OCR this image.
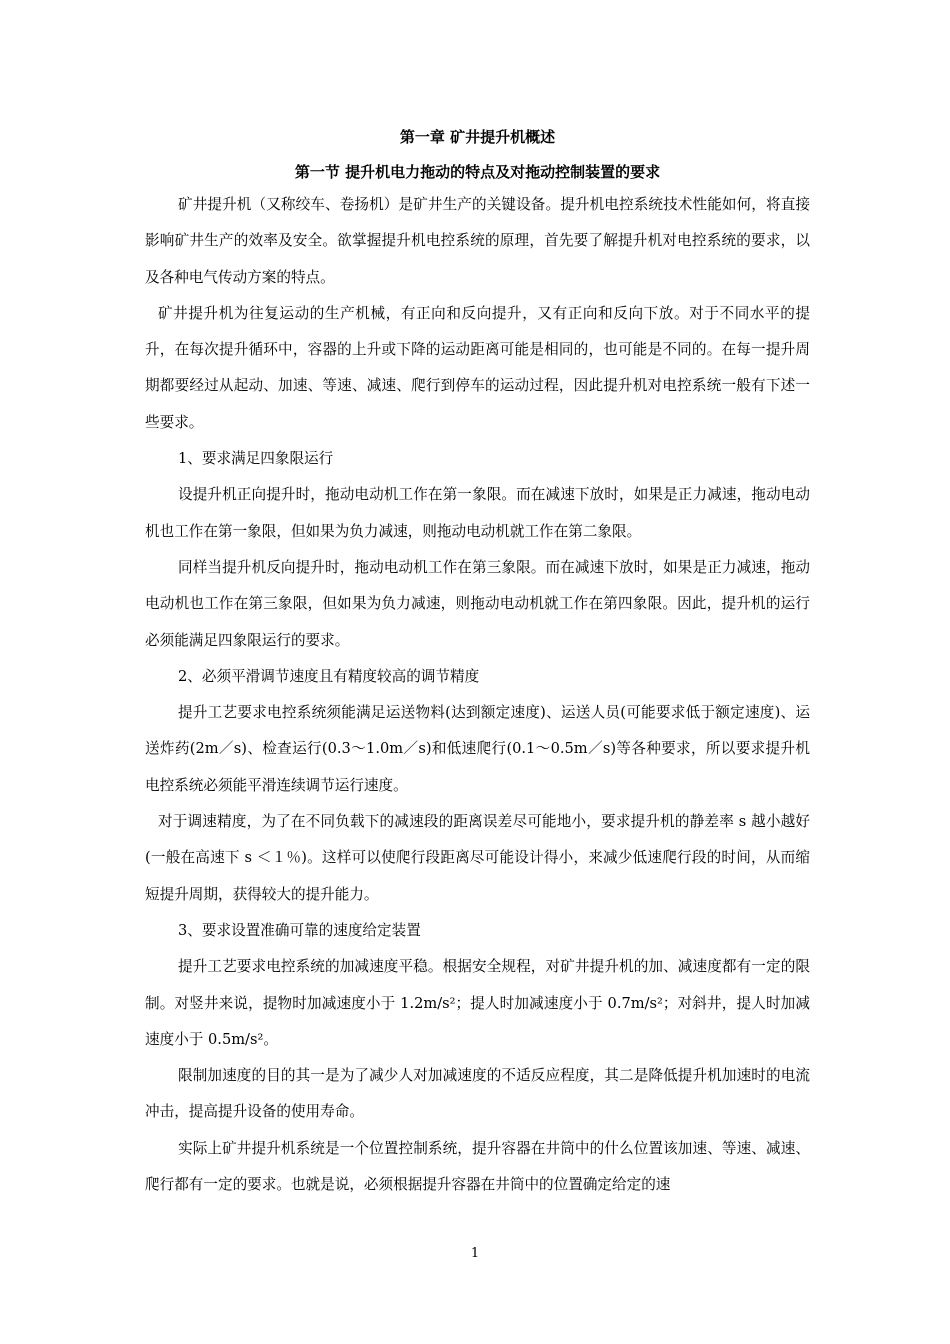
第一章 矿井提升机概述
第一节 提升机电力拖动的特点及对拖动控制装置的要求

矿井提升机（又称绞车、卷扬机）是矿井生产的关键设备。提升机电控系统技术性能如何，将直接影响矿井生产的效率及安全。欲掌握提升机电控系统的原理，首先要了解提升机对电控系统的要求，以及各种电气传动方案的特点。

矿井提升机为往复运动的生产机械，有正向和反向提升，又有正向和反向下放。对于不同水平的提升，在每次提升循环中，容器的上升或下降的运动距离可能是相同的，也可能是不同的。在每一提升周期都要经过从起动、加速、等速、减速、爬行到停车的运动过程，因此提升机对电控系统一般有下述一些要求。

1、要求满足四象限运行

设提升机正向提升时，拖动电动机工作在第一象限。而在减速下放时，如果是正力减速，拖动电动机也工作在第一象限，但如果为负力减速，则拖动电动机就工作在第二象限。

同样当提升机反向提升时，拖动电动机工作在第三象限。而在减速下放时，如果是正力减速，拖动电动机也工作在第三象限，但如果为负力减速，则拖动电动机就工作在第四象限。因此，提升机的运行必须能满足四象限运行的要求。

2、必须平滑调节速度且有精度较高的调节精度

提升工艺要求电控系统须能满足运送物料(达到额定速度)、运送人员(可能要求低于额定速度)、运送炸药(2m／s)、检查运行(0.3～1.0m／s)和低速爬行(0.1～0.5m／s)等各种要求，所以要求提升机电控系统必须能平滑连续调节运行速度。

对于调速精度，为了在不同负载下的减速段的距离误差尽可能地小，要求提升机的静差率 s 越小越好(一般在高速下 s ＜１％)。这样可以使爬行段距离尽可能设计得小，来减少低速爬行段的时间，从而缩短提升周期，获得较大的提升能力。

3、要求设置准确可靠的速度给定装置

提升工艺要求电控系统的加减速度平稳。根据安全规程，对矿井提升机的加、减速度都有一定的限制。对竖井来说，提物时加减速度小于 1.2m/s²；提人时加减速度小于 0.7m/s²；对斜井，提人时加减速度小于 0.5m/s²。

限制加速度的目的其一是为了减少人对加减速度的不适反应程度，其二是降低提升机加速时的电流冲击，提高提升设备的使用寿命。

实际上矿井提升机系统是一个位置控制系统，提升容器在井筒中的什么位置该加速、等速、减速、爬行都有一定的要求。也就是说，必须根据提升容器在井筒中的位置确定给定的速

1
